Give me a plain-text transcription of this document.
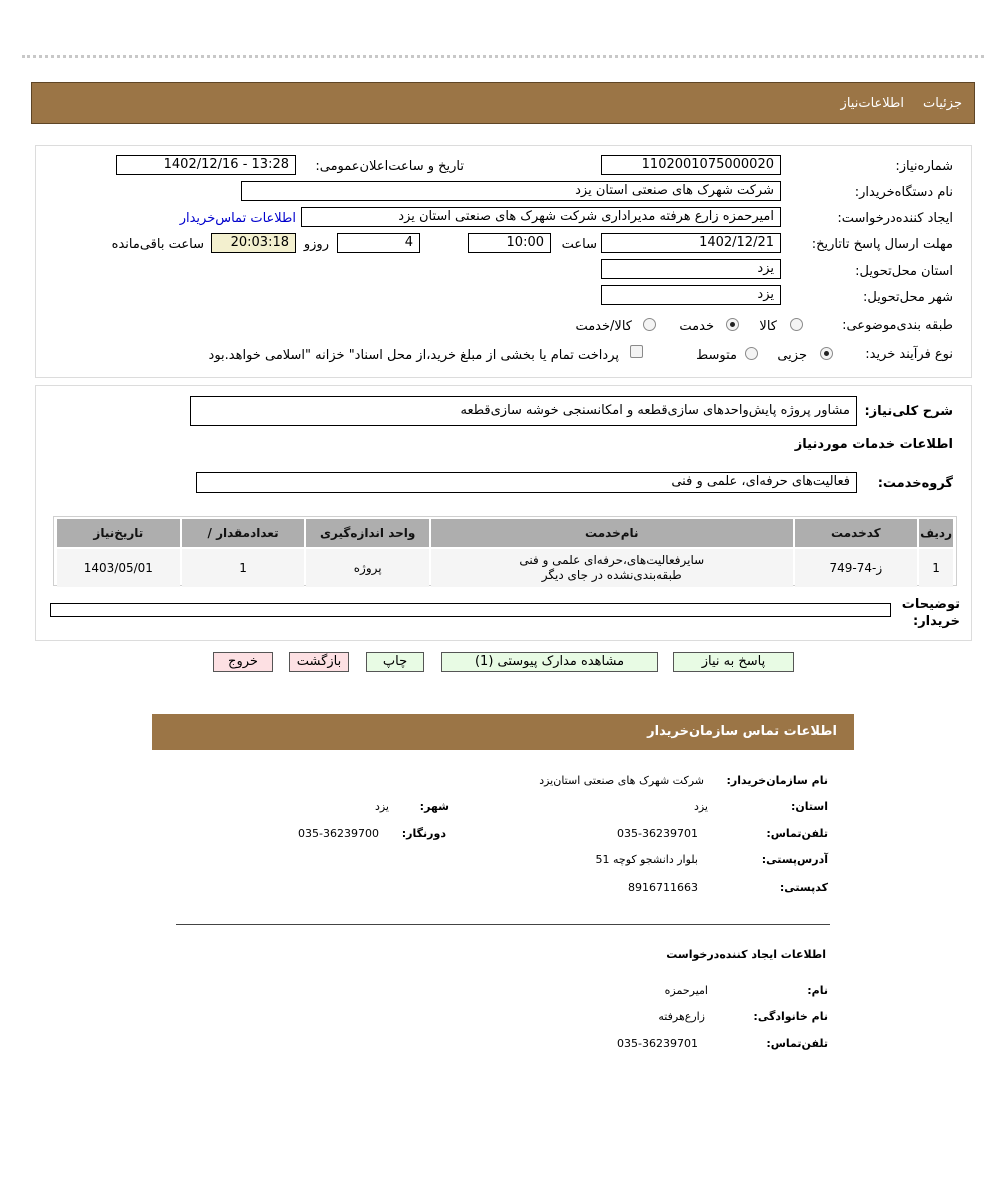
جزئیات
اطلاعات‌نیاز
شماره‌نیاز:
1102001075000020
تاریخ و ساعت‌اعلان‌عمومی:
1402/12/16 - 13:28
نام دستگاه‌خریدار:
شرکت شهرک های صنعتی استان یزد
ایجاد کننده‌درخواست:
امیرحمزه زارع هرفته مدیراداری شرکت شهرک های صنعتی استان یزد
اطلاعات تماس‌خریدار
مهلت ارسال پاسخ تا‌تاریخ:
1402/12/21
ساعت
10:00
4
روزو
20:03:18
ساعت باقی‌مانده
استان محل‌تحویل:
یزد
شهر محل‌تحویل:
یزد
طبقه بندی‌موضوعی:
کالا
خدمت
کالا/خدمت
نوع فرآیند‌ خرید:
جزیی
متوسط
پرداخت تمام یا بخشی از مبلغ خرید،از محل اسناد" خزانه "اسلامی خواهد.بود
شرح کلی‌نیاز:
مشاور پروژه پایش‌واحدهای سازی‌قطعه و امکانسنجی خوشه سازی‌قطعه
اطلاعات خدمات موردنیاز
گروه‌خدمت:
فعالیت‌های حرفه‌ای، علمی و فنی
ردیف	کدخدمت	نام‌خدمت	واحد اندازه‌گیری	تعداد‌مقدار /	تاریخ‌نیاز
1	ز-74-749	سایر‌فعالیت‌های،حرفه‌ای علمی و فنی
طبقه‌بندی‌نشده در جای دیگر	پروژه	1	1403/05/01
توضیحات خریدار:
پاسخ به نیاز
مشاهده مدارک پیوستی (1)
چاپ
بازگشت
خروج
اطلاعات تماس سازمان‌خریدار
نام سازمان‌خریدار:
شرکت شهرک های صنعتی استان‌یزد
استان:
یزد
شهر:
یزد
تلفن‌تماس:
035-36239701
دورنگار:
035-36239700
آدرس‌پستی:
بلوار دانشجو کوچه 51
کد‌پستی:
8916711663
اطلاعات ایجاد کننده‌درخواست
نام:
امیرحمزه
نام خانوادگی:
زارع‌هرفته
تلفن‌تماس:
035-36239701
